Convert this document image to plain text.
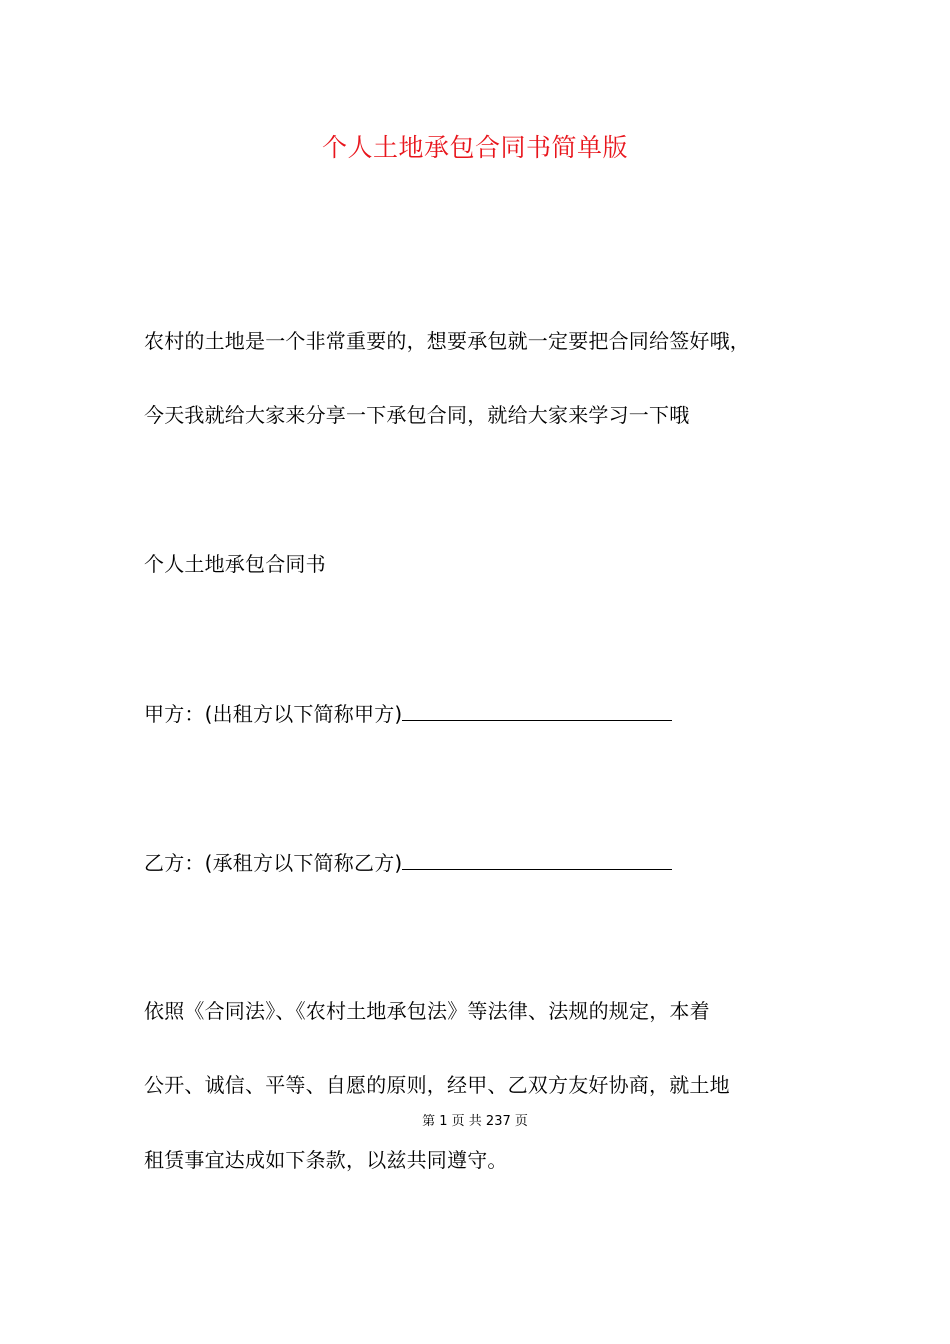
个人土地承包合同书简单版
农村的土地是一个非常重要的，想要承包就一定要把合同给签好哦，
今天我就给大家来分享一下承包合同，就给大家来学习一下哦
个人土地承包合同书
甲方：(出租方以下简称甲方)
乙方：(承租方以下简称乙方)
依照《合同法》、《农村土地承包法》等法律、法规的规定，本着
公开、诚信、平等、自愿的原则，经甲、乙双方友好协商，就土地
第 1 页 共 237 页
租赁事宜达成如下条款，以兹共同遵守。
